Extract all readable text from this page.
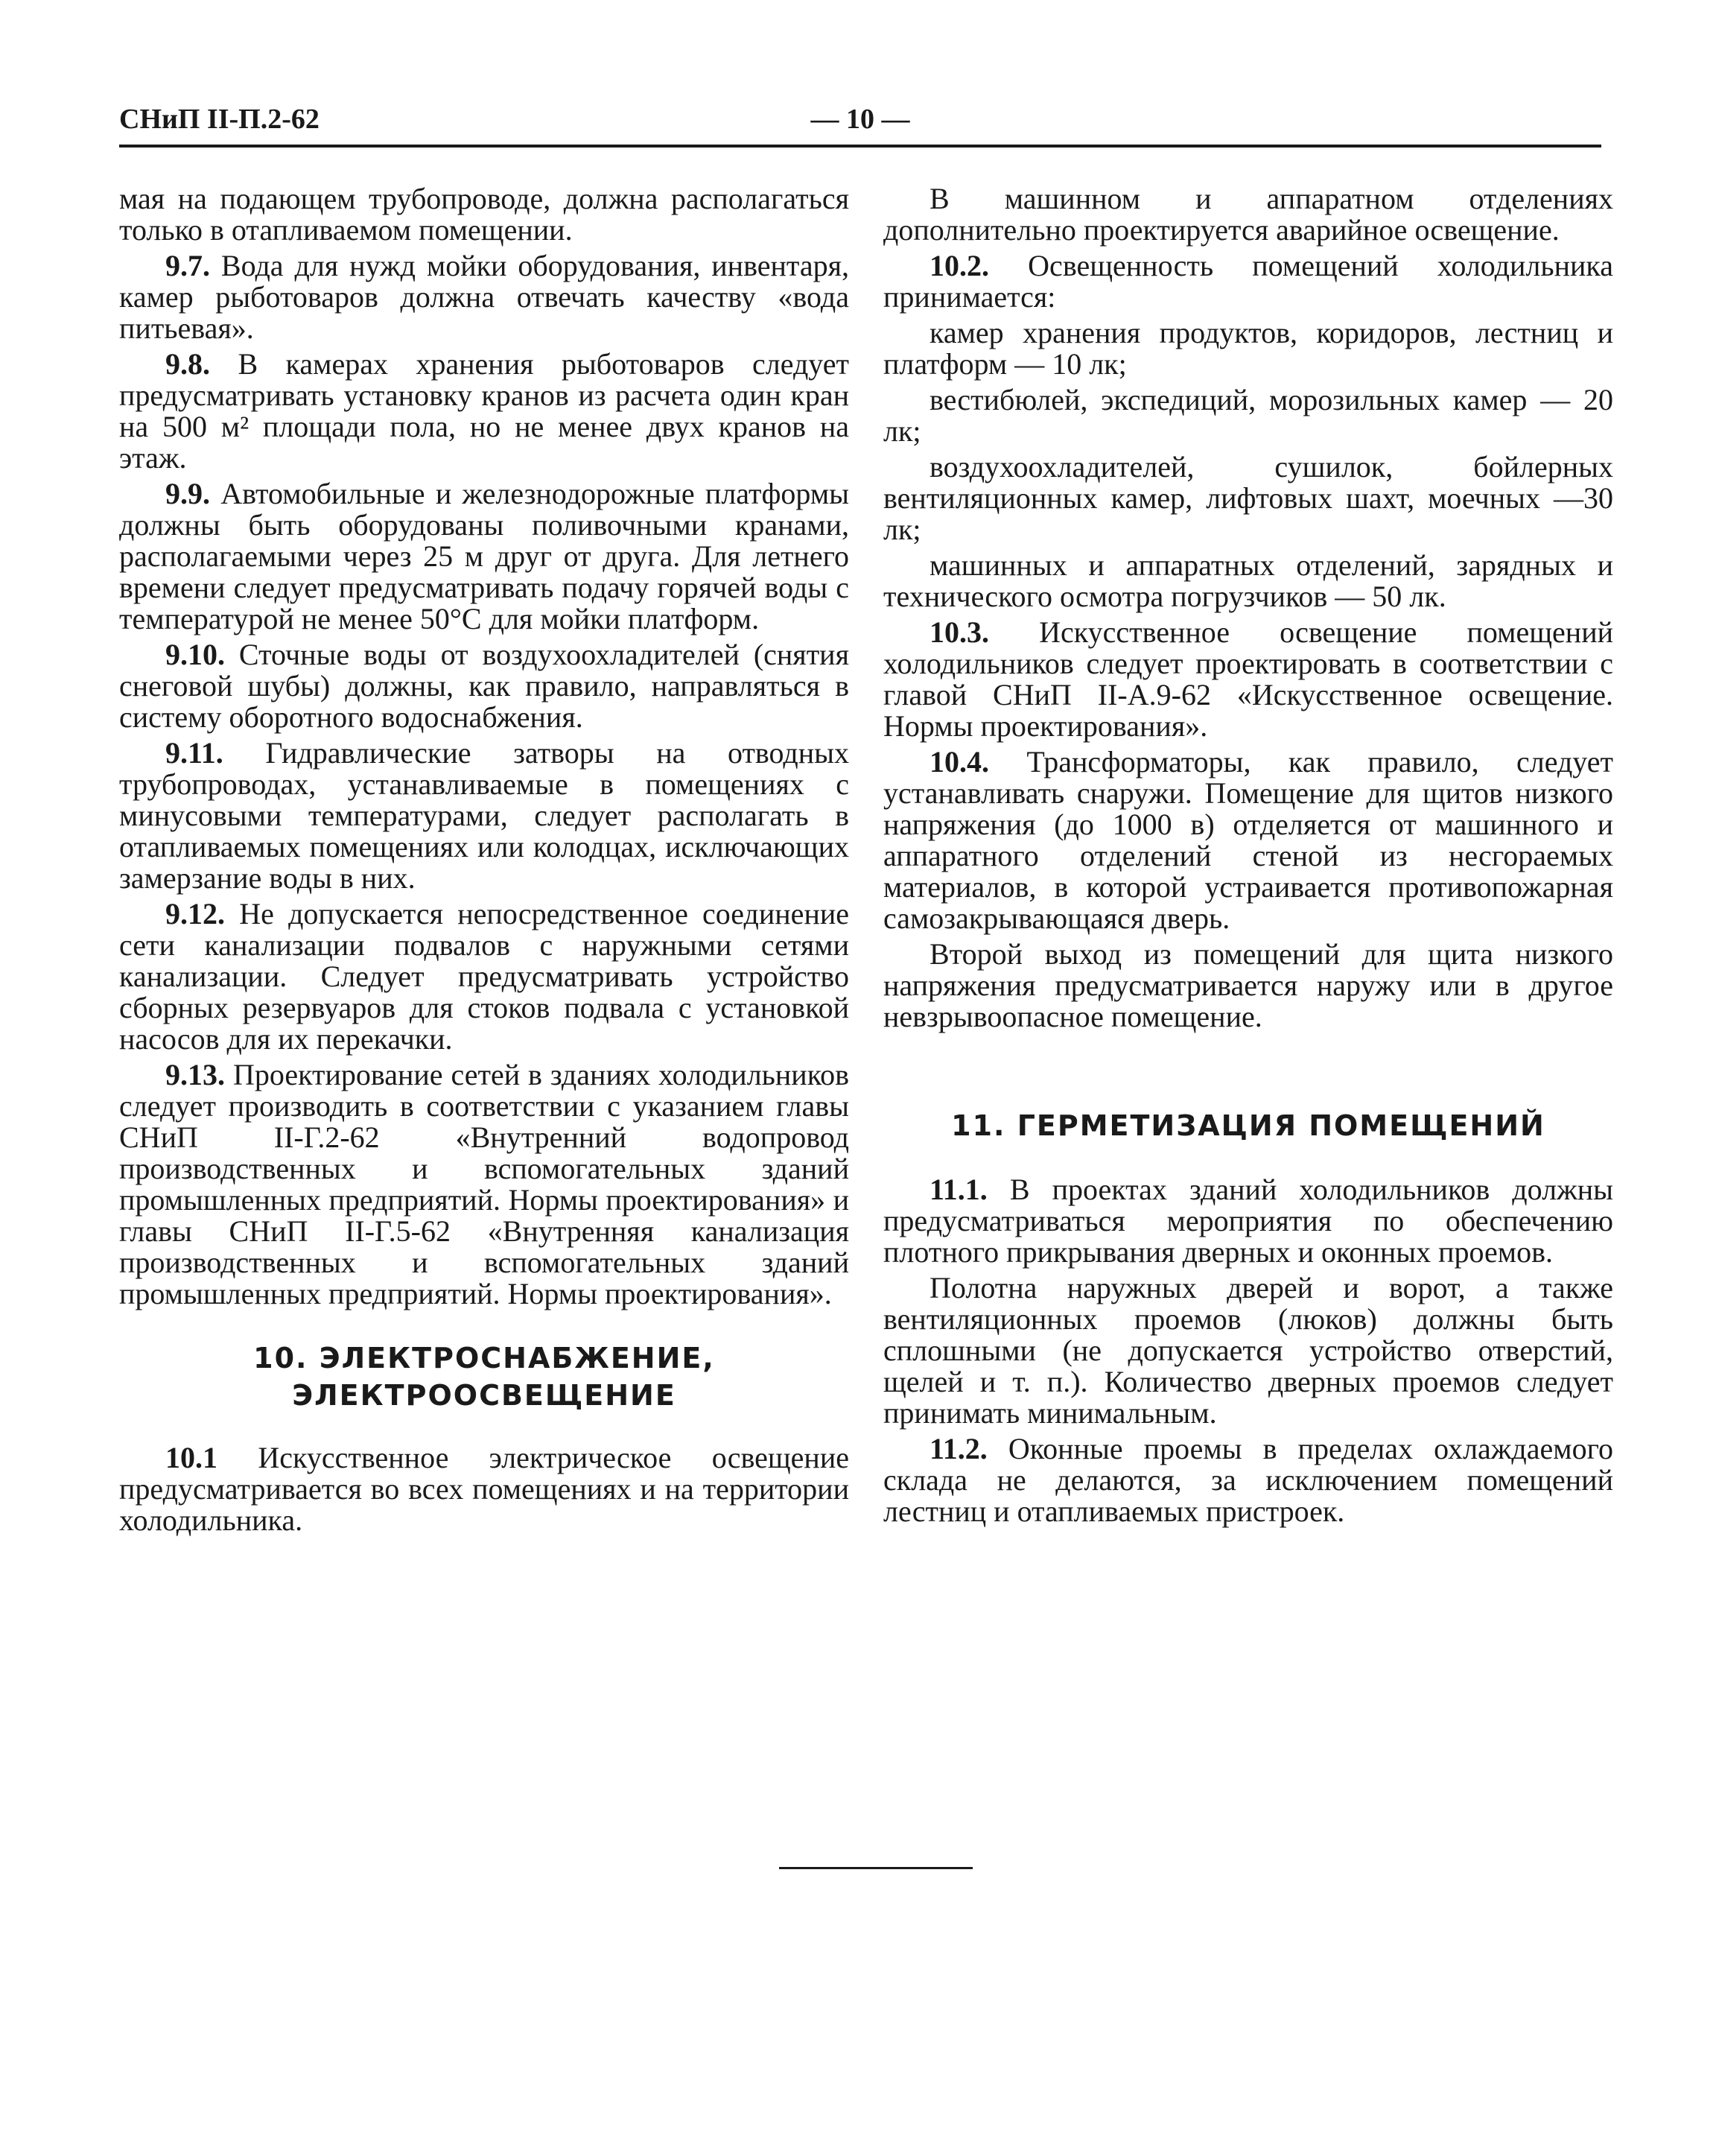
СНиП II-П.2-62	— 10 —

мая на подающем трубопроводе, должна располагаться только в отапливаемом помещении.

9.7. Вода для нужд мойки оборудования, инвентаря, камер рыботоваров должна отвечать качеству «вода питьевая».

9.8. В камерах хранения рыботоваров следует предусматривать установку кранов из расчета один кран на 500 м² площади пола, но не менее двух кранов на этаж.

9.9. Автомобильные и железнодорожные платформы должны быть оборудованы поливочными кранами, располагаемыми через 25 м друг от друга. Для летнего времени следует предусматривать подачу горячей воды с температурой не менее 50°С для мойки платформ.

9.10. Сточные воды от воздухоохладителей (снятия снеговой шубы) должны, как правило, направляться в систему оборотного водоснабжения.

9.11. Гидравлические затворы на отводных трубопроводах, устанавливаемые в помещениях с минусовыми температурами, следует располагать в отапливаемых помещениях или колодцах, исключающих замерзание воды в них.

9.12. Не допускается непосредственное соединение сети канализации подвалов с наружными сетями канализации. Следует предусматривать устройство сборных резервуаров для стоков подвала с установкой насосов для их перекачки.

9.13. Проектирование сетей в зданиях холодильников следует производить в соответствии с указанием главы СНиП II-Г.2-62 «Внутренний водопровод производственных и вспомогательных зданий промышленных предприятий. Нормы проектирования» и главы СНиП II-Г.5-62 «Внутренняя канализация производственных и вспомогательных зданий промышленных предприятий. Нормы проектирования».

10. ЭЛЕКТРОСНАБЖЕНИЕ, ЭЛЕКТРООСВЕЩЕНИЕ

10.1 Искусственное электрическое освещение предусматривается во всех помещениях и на территории холодильника.

В машинном и аппаратном отделениях дополнительно проектируется аварийное освещение.

10.2. Освещенность помещений холодильника принимается:

камер хранения продуктов, коридоров, лестниц и платформ — 10 лк;

вестибюлей, экспедиций, морозильных камер — 20 лк;

воздухоохладителей, сушилок, бойлерных вентиляционных камер, лифтовых шахт, моечных —30 лк;

машинных и аппаратных отделений, зарядных и технического осмотра погрузчиков — 50 лк.

10.3. Искусственное освещение помещений холодильников следует проектировать в соответствии с главой СНиП II-А.9-62 «Искусственное освещение. Нормы проектирования».

10.4. Трансформаторы, как правило, следует устанавливать снаружи. Помещение для щитов низкого напряжения (до 1000 в) отделяется от машинного и аппаратного отделений стеной из несгораемых материалов, в которой устраивается противопожарная самозакрывающаяся дверь.

Второй выход из помещений для щита низкого напряжения предусматривается наружу или в другое невзрывоопасное помещение.

11. ГЕРМЕТИЗАЦИЯ ПОМЕЩЕНИЙ

11.1. В проектах зданий холодильников должны предусматриваться мероприятия по обеспечению плотного прикрывания дверных и оконных проемов.

Полотна наружных дверей и ворот, а также вентиляционных проемов (люков) должны быть сплошными (не допускается устройство отверстий, щелей и т. п.). Количество дверных проемов следует принимать минимальным.

11.2. Оконные проемы в пределах охлаждаемого склада не делаются, за исключением помещений лестниц и отапливаемых пристроек.
